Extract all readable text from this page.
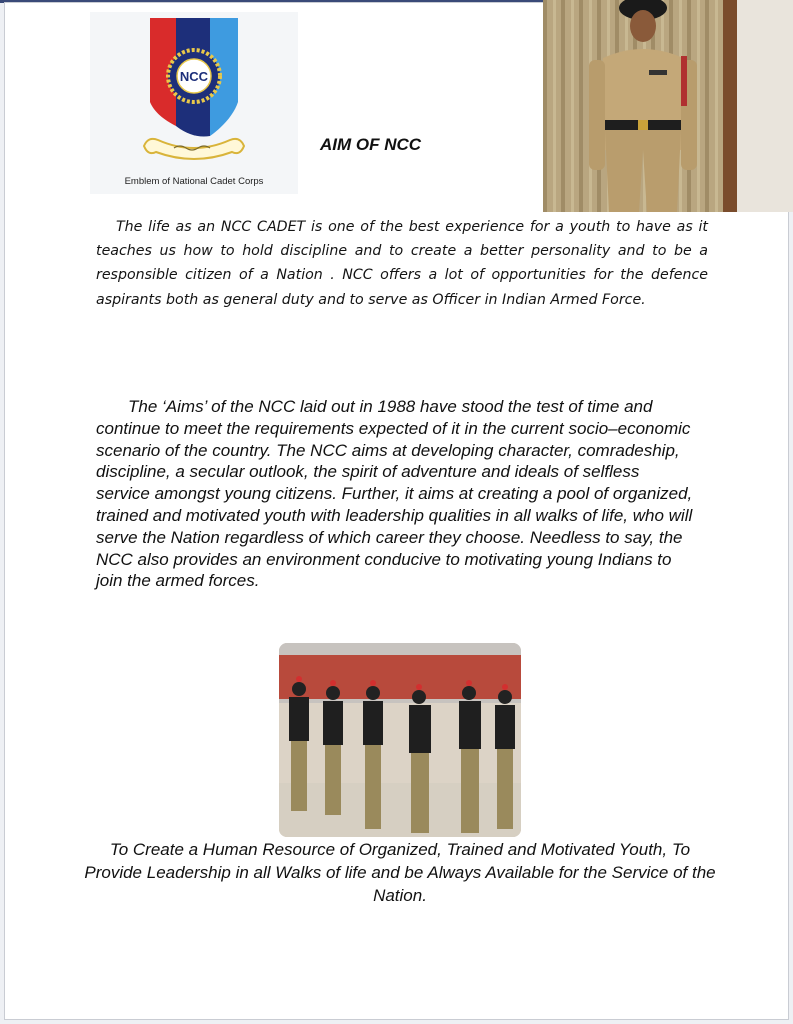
NCC
Emblem of National Cadet Corps
AIM OF NCC

The life as an NCC CADET is one of the best experience for a youth to have as it teaches us how to hold discipline and to create a better personality and to be a responsible citizen of a Nation . NCC offers a lot of opportunities for the defence aspirants both as general duty and to serve as Officer in Indian Armed Force.

The ‘Aims’ of the NCC laid out in 1988 have stood the test of time and continue to meet the requirements expected of it in the current socio–economic scenario of the country. The NCC aims at developing character, comradeship, discipline, a secular outlook, the spirit of adventure and ideals of selfless service amongst young citizens. Further, it aims at creating a pool of organized, trained and motivated youth with leadership qualities in all walks of life, who will serve the Nation regardless of which career they choose. Needless to say, the NCC also provides an environment conducive to motivating young Indians to join the armed forces.

To Create a Human Resource of Organized, Trained and Motivated Youth, To Provide Leadership in all Walks of life and be Always Available for the Service of the Nation.
